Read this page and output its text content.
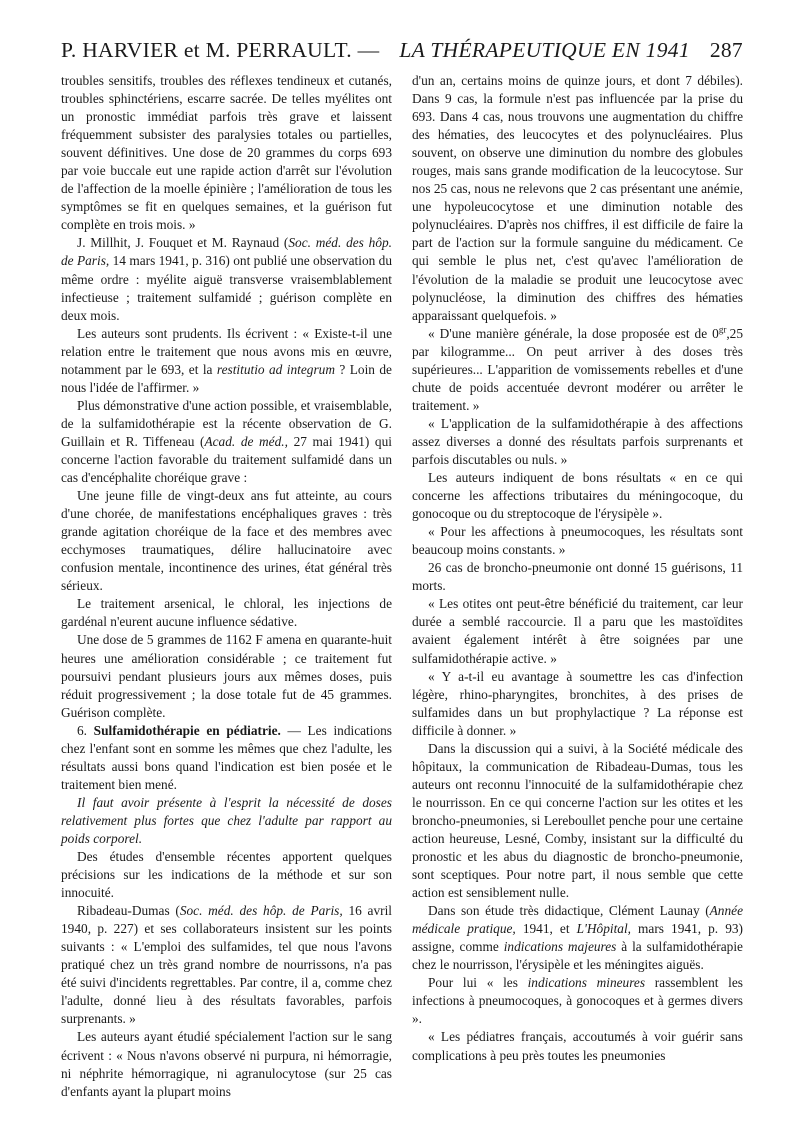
P. HARVIER et M. PERRAULT. — LA THÉRAPEUTIQUE EN 1941 287

troubles sensitifs, troubles des réflexes tendineux et cutanés, troubles sphinctériens, escarre sacrée. De telles myélites ont un pronostic immédiat parfois très grave et laissent fréquemment subsister des paralysies totales ou partielles, souvent définitives. Une dose de 20 grammes du corps 693 par voie buccale eut une rapide action d'arrêt sur l'évolution de l'affection de la moelle épinière ; l'amélioration de tous les symptômes se fit en quelques semaines, et la guérison fut complète en trois mois. »

J. Millhit, J. Fouquet et M. Raynaud (Soc. méd. des hôp. de Paris, 14 mars 1941, p. 316) ont publié une observation du même ordre : myélite aiguë transverse vraisemblablement infectieuse ; traitement sulfamidé ; guérison complète en deux mois.

Les auteurs sont prudents. Ils écrivent : « Existe-t-il une relation entre le traitement que nous avons mis en œuvre, notamment par le 693, et la restitutio ad integrum ? Loin de nous l'idée de l'affirmer. »

Plus démonstrative d'une action possible, et vraisemblable, de la sulfamidothérapie est la récente observation de G. Guillain et R. Tiffeneau (Acad. de méd., 27 mai 1941) qui concerne l'action favorable du traitement sulfamidé dans un cas d'encéphalite choréique grave :

Une jeune fille de vingt-deux ans fut atteinte, au cours d'une chorée, de manifestations encéphaliques graves : très grande agitation choréique de la face et des membres avec ecchymoses traumatiques, délire hallucinatoire avec confusion mentale, incontinence des urines, état général très sérieux.

Le traitement arsenical, le chloral, les injections de gardénal n'eurent aucune influence sédative.

Une dose de 5 grammes de 1162 F amena en quarante-huit heures une amélioration considérable ; ce traitement fut poursuivi pendant plusieurs jours aux mêmes doses, puis réduit progressivement ; la dose totale fut de 45 grammes. Guérison complète.

6. Sulfamidothérapie en pédiatrie. — Les indications chez l'enfant sont en somme les mêmes que chez l'adulte, les résultats aussi bons quand l'indication est bien posée et le traitement bien mené.

Il faut avoir présente à l'esprit la nécessité de doses relativement plus fortes que chez l'adulte par rapport au poids corporel.

Des études d'ensemble récentes apportent quelques précisions sur les indications de la méthode et sur son innocuité.

Ribadeau-Dumas (Soc. méd. des hôp. de Paris, 16 avril 1940, p. 227) et ses collaborateurs insistent sur les points suivants : « L'emploi des sulfamides, tel que nous l'avons pratiqué chez un très grand nombre de nourrissons, n'a pas été suivi d'incidents regrettables. Par contre, il a, comme chez l'adulte, donné lieu à des résultats favorables, parfois surprenants. »

Les auteurs ayant étudié spécialement l'action sur le sang écrivent : « Nous n'avons observé ni purpura, ni hémorragie, ni néphrite hémorragique, ni agranulocytose (sur 25 cas d'enfants ayant la plupart moins

d'un an, certains moins de quinze jours, et dont 7 débiles). Dans 9 cas, la formule n'est pas influencée par la prise du 693. Dans 4 cas, nous trouvons une augmentation du chiffre des hématies, des leucocytes et des polynucléaires. Plus souvent, on observe une diminution du nombre des globules rouges, mais sans grande modification de la leucocytose. Sur nos 25 cas, nous ne relevons que 2 cas présentant une anémie, une hypoleucocytose et une diminution notable des polynucléaires. D'après nos chiffres, il est difficile de faire la part de l'action sur la formule sanguine du médicament. Ce qui semble le plus net, c'est qu'avec l'amélioration de l'évolution de la maladie se produit une leucocytose avec polynucléose, la diminution des chiffres des hématies apparaissant quelquefois. »

« D'une manière générale, la dose proposée est de $0^{gr},25$ par kilogramme... On peut arriver à des doses très supérieures... L'apparition de vomissements rebelles et d'une chute de poids accentuée devront modérer ou arrêter le traitement. »

« L'application de la sulfamidothérapie à des affections assez diverses a donné des résultats parfois surprenants et parfois discutables ou nuls. »

Les auteurs indiquent de bons résultats « en ce qui concerne les affections tributaires du méningocoque, du gonocoque ou du streptocoque de l'érysipèle ».

« Pour les affections à pneumocoques, les résultats sont beaucoup moins constants. »

26 cas de broncho-pneumonie ont donné 15 guérisons, 11 morts.

« Les otites ont peut-être bénéficié du traitement, car leur durée a semblé raccourcie. Il a paru que les mastoïdites avaient également intérêt à être soignées par une sulfamidothérapie active. »

« Y a-t-il eu avantage à soumettre les cas d'infection légère, rhino-pharyngites, bronchites, à des prises de sulfamides dans un but prophylactique ? La réponse est difficile à donner. »

Dans la discussion qui a suivi, à la Société médicale des hôpitaux, la communication de Ribadeau-Dumas, tous les auteurs ont reconnu l'innocuité de la sulfamidothérapie chez le nourrisson. En ce qui concerne l'action sur les otites et les broncho-pneumonies, si Lereboullet penche pour une certaine action heureuse, Lesné, Comby, insistant sur la difficulté du pronostic et les abus du diagnostic de broncho-pneumonie, sont sceptiques. Pour notre part, il nous semble que cette action est sensiblement nulle.

Dans son étude très didactique, Clément Launay (Année médicale pratique, 1941, et L'Hôpital, mars 1941, p. 93) assigne, comme indications majeures à la sulfamidothérapie chez le nourrisson, l'érysipèle et les méningites aiguës.

Pour lui « les indications mineures rassemblent les infections à pneumocoques, à gonocoques et à germes divers ».

« Les pédiatres français, accoutumés à voir guérir sans complications à peu près toutes les pneumonies
